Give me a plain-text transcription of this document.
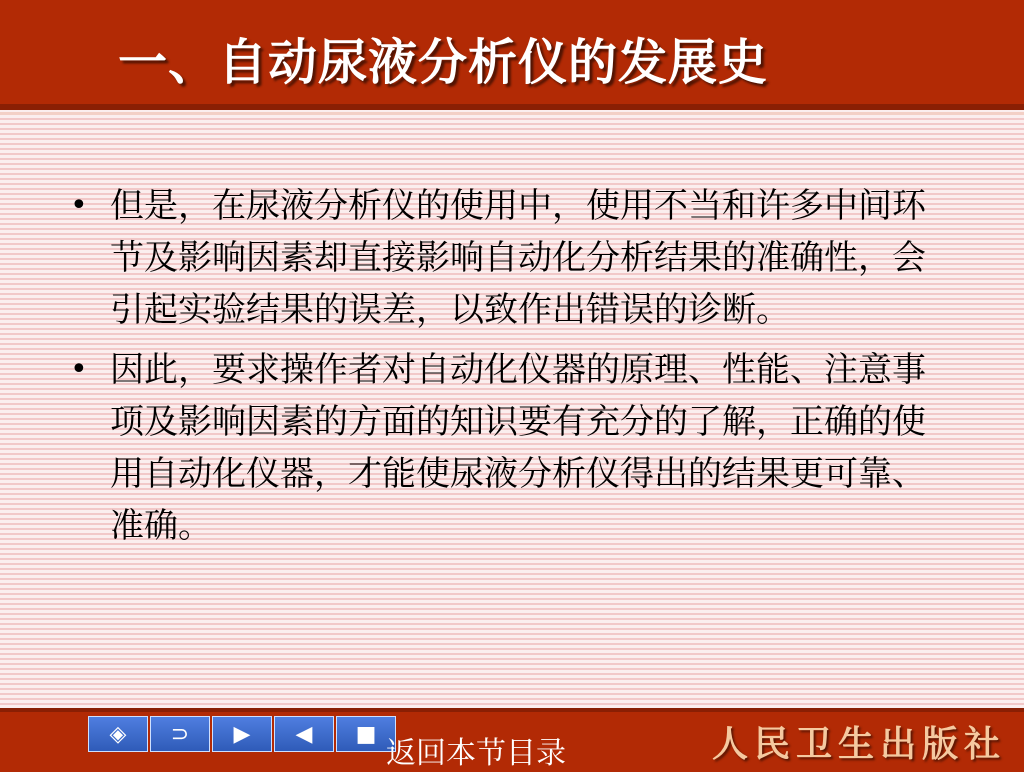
一、自动尿液分析仪的发展史
• 但是，在尿液分析仪的使用中，使用不当和许多中间环节及影响因素却直接影响自动化分析结果的准确性，会引起实验结果的误差，以致作出错误的诊断。
• 因此，要求操作者对自动化仪器的原理、性能、注意事项及影响因素的方面的知识要有充分的了解，正确的使用自动化仪器，才能使尿液分析仪得出的结果更可靠、准确。
◈ ⊃ ▶ ◀ ■
返回本节目录	人民卫生出版社
